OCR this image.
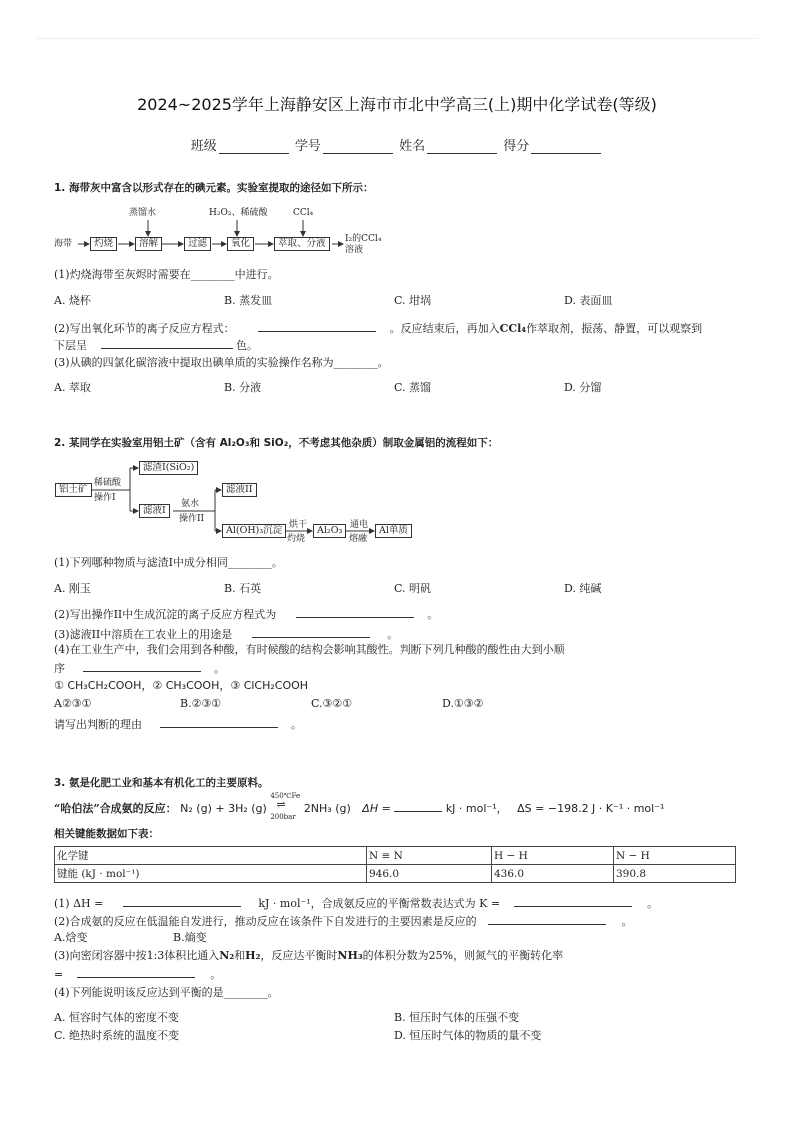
2024~2025学年上海静安区上海市市北中学高三(上)期中化学试卷(等级)
班级	学号	姓名	得分
1. 海带灰中富含以形式存在的碘元素。实验室提取的途径如下所示：
海带	灼烧	溶解	过滤	氧化	萃取、分液	I₂的CCl₄
溶液
蒸馏水	H₂O₂、稀硫酸	CCl₄
(1)灼烧海带至灰烬时需要在________中进行。
A. 烧杯	B. 蒸发皿	C. 坩埚	D. 表面皿
(2)写出氧化环节的离子反应方程式：	。反应结束后，再加入CCl₄作萃取剂，振荡、静置，可以观察到
下层呈	色。
(3)从碘的四氯化碳溶液中提取出碘单质的实验操作名称为________。
A. 萃取	B. 分液	C. 蒸馏	D. 分馏
2. 某同学在实验室用铝土矿（含有 Al₂O₃和 SiO₂，不考虑其他杂质）制取金属铝的流程如下：
铝土矿
稀硫酸
操作I
滤渣I(SiO₂)
滤液I
氨水
操作II
滤液II
Al(OH)₃沉淀 烘干
灼烧
Al₂O₃ 通电
熔融
Al单质
(1)下列哪种物质与滤渣I中成分相同________。
A. 刚玉	B. 石英	C. 明矾	D. 纯碱
(2)写出操作II中生成沉淀的离子反应方程式为	。
(3)滤液II中溶质在工农业上的用途是	。
(4)在工业生产中，我们会用到各种酸，有时候酸的结构会影响其酸性。判断下列几种酸的酸性由大到小顺
序	。
① CH₃CH₂COOH，② CH₃COOH，③ ClCH₂COOH
A②③①	B.②③①	C.③②①	D.①③②
请写出判断的理由	。
3. 氨是化肥工业和基本有机化工的主要原料。
“哈伯法”合成氨的反应： N₂ (g) + 3H₂ (g)
450℃Fe
⇌
200bar
2NH₃ (g) ΔH =	kJ · mol⁻¹， ΔS = −198.2 J · K⁻¹ · mol⁻¹
相关键能数据如下表：
化学键	N ≡ N	H − H	N − H
键能 (kJ · mol⁻¹)	946.0	436.0	390.8
(1) ΔH =	kJ · mol⁻¹，合成氨反应的平衡常数表达式为 K =	。
(2)合成氨的反应在低温能自发进行，推动反应在该条件下自发进行的主要因素是反应的	。
A.焓变	B.熵变
(3)向密闭容器中按1:3体积比通入N₂和H₂，反应达平衡时NH₃的体积分数为25%，则氮气的平衡转化率
=	。
(4)下列能说明该反应达到平衡的是________。
A. 恒容时气体的密度不变	B. 恒压时气体的压强不变
C. 绝热时系统的温度不变	D. 恒压时气体的物质的量不变
